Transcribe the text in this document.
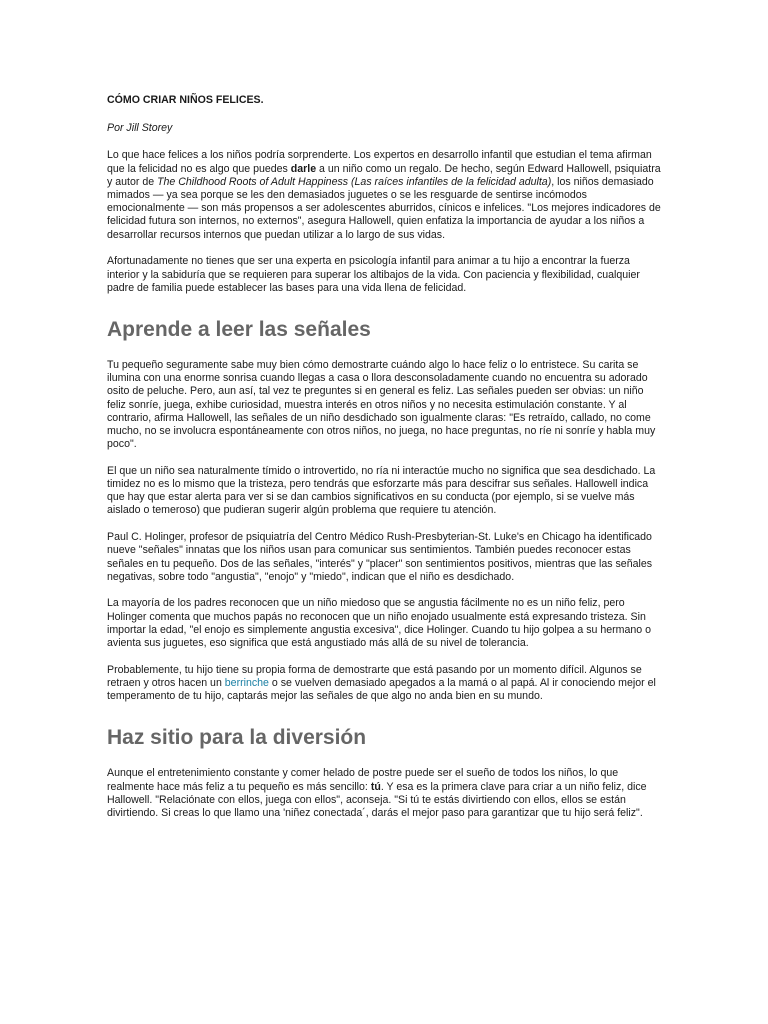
CÓMO CRIAR NIÑOS FELICES.
Por Jill Storey

Lo que hace felices a los niños podría sorprenderte. Los expertos en desarrollo infantil que estudian el tema afirman que la felicidad no es algo que puedes darle a un niño como un regalo. De hecho, según Edward Hallowell, psiquiatra y autor de The Childhood Roots of Adult Happiness (Las raíces infantiles de la felicidad adulta), los niños demasiado mimados — ya sea porque se les den demasiados juguetes o se les resguarde de sentirse incómodos emocionalmente — son más propensos a ser adolescentes aburridos, cínicos e infelices. "Los mejores indicadores de felicidad futura son internos, no externos", asegura Hallowell, quien enfatiza la importancia de ayudar a los niños a desarrollar recursos internos que puedan utilizar a lo largo de sus vidas.

Afortunadamente no tienes que ser una experta en psicología infantil para animar a tu hijo a encontrar la fuerza interior y la sabiduría que se requieren para superar los altibajos de la vida. Con paciencia y flexibilidad, cualquier padre de familia puede establecer las bases para una vida llena de felicidad.

Aprende a leer las señales

Tu pequeño seguramente sabe muy bien cómo demostrarte cuándo algo lo hace feliz o lo entristece. Su carita se ilumina con una enorme sonrisa cuando llegas a casa o llora desconsoladamente cuando no encuentra su adorado osito de peluche. Pero, aun así, tal vez te preguntes si en general es feliz. Las señales pueden ser obvias: un niño feliz sonríe, juega, exhibe curiosidad, muestra interés en otros niños y no necesita estimulación constante. Y al contrario, afirma Hallowell, las señales de un niño desdichado son igualmente claras: "Es retraído, callado, no come mucho, no se involucra espontáneamente con otros niños, no juega, no hace preguntas, no ríe ni sonríe y habla muy poco".

El que un niño sea naturalmente tímido o introvertido, no ría ni interactúe mucho no significa que sea desdichado. La timidez no es lo mismo que la tristeza, pero tendrás que esforzarte más para descifrar sus señales. Hallowell indica que hay que estar alerta para ver si se dan cambios significativos en su conducta (por ejemplo, si se vuelve más aislado o temeroso) que pudieran sugerir algún problema que requiere tu atención.

Paul C. Holinger, profesor de psiquiatría del Centro Médico Rush-Presbyterian-St. Luke's en Chicago ha identificado nueve "señales" innatas que los niños usan para comunicar sus sentimientos. También puedes reconocer estas señales en tu pequeño. Dos de las señales, "interés" y "placer" son sentimientos positivos, mientras que las señales negativas, sobre todo "angustia", "enojo" y "miedo", indican que el niño es desdichado.

La mayoría de los padres reconocen que un niño miedoso que se angustia fácilmente no es un niño feliz, pero Holinger comenta que muchos papás no reconocen que un niño enojado usualmente está expresando tristeza. Sin importar la edad, "el enojo es simplemente angustia excesiva", dice Holinger. Cuando tu hijo golpea a su hermano o avienta sus juguetes, eso significa que está angustiado más allá de su nivel de tolerancia.

Probablemente, tu hijo tiene su propia forma de demostrarte que está pasando por un momento difícil. Algunos se retraen y otros hacen un berrinche o se vuelven demasiado apegados a la mamá o al papá. Al ir conociendo mejor el temperamento de tu hijo, captarás mejor las señales de que algo no anda bien en su mundo.

Haz sitio para la diversión

Aunque el entretenimiento constante y comer helado de postre puede ser el sueño de todos los niños, lo que realmente hace más feliz a tu pequeño es más sencillo: tú. Y esa es la primera clave para criar a un niño feliz, dice Hallowell. "Relaciónate con ellos, juega con ellos", aconseja. "Si tú te estás divirtiendo con ellos, ellos se están divirtiendo. Si creas lo que llamo una 'niñez conectada´, darás el mejor paso para garantizar que tu hijo será feliz".
